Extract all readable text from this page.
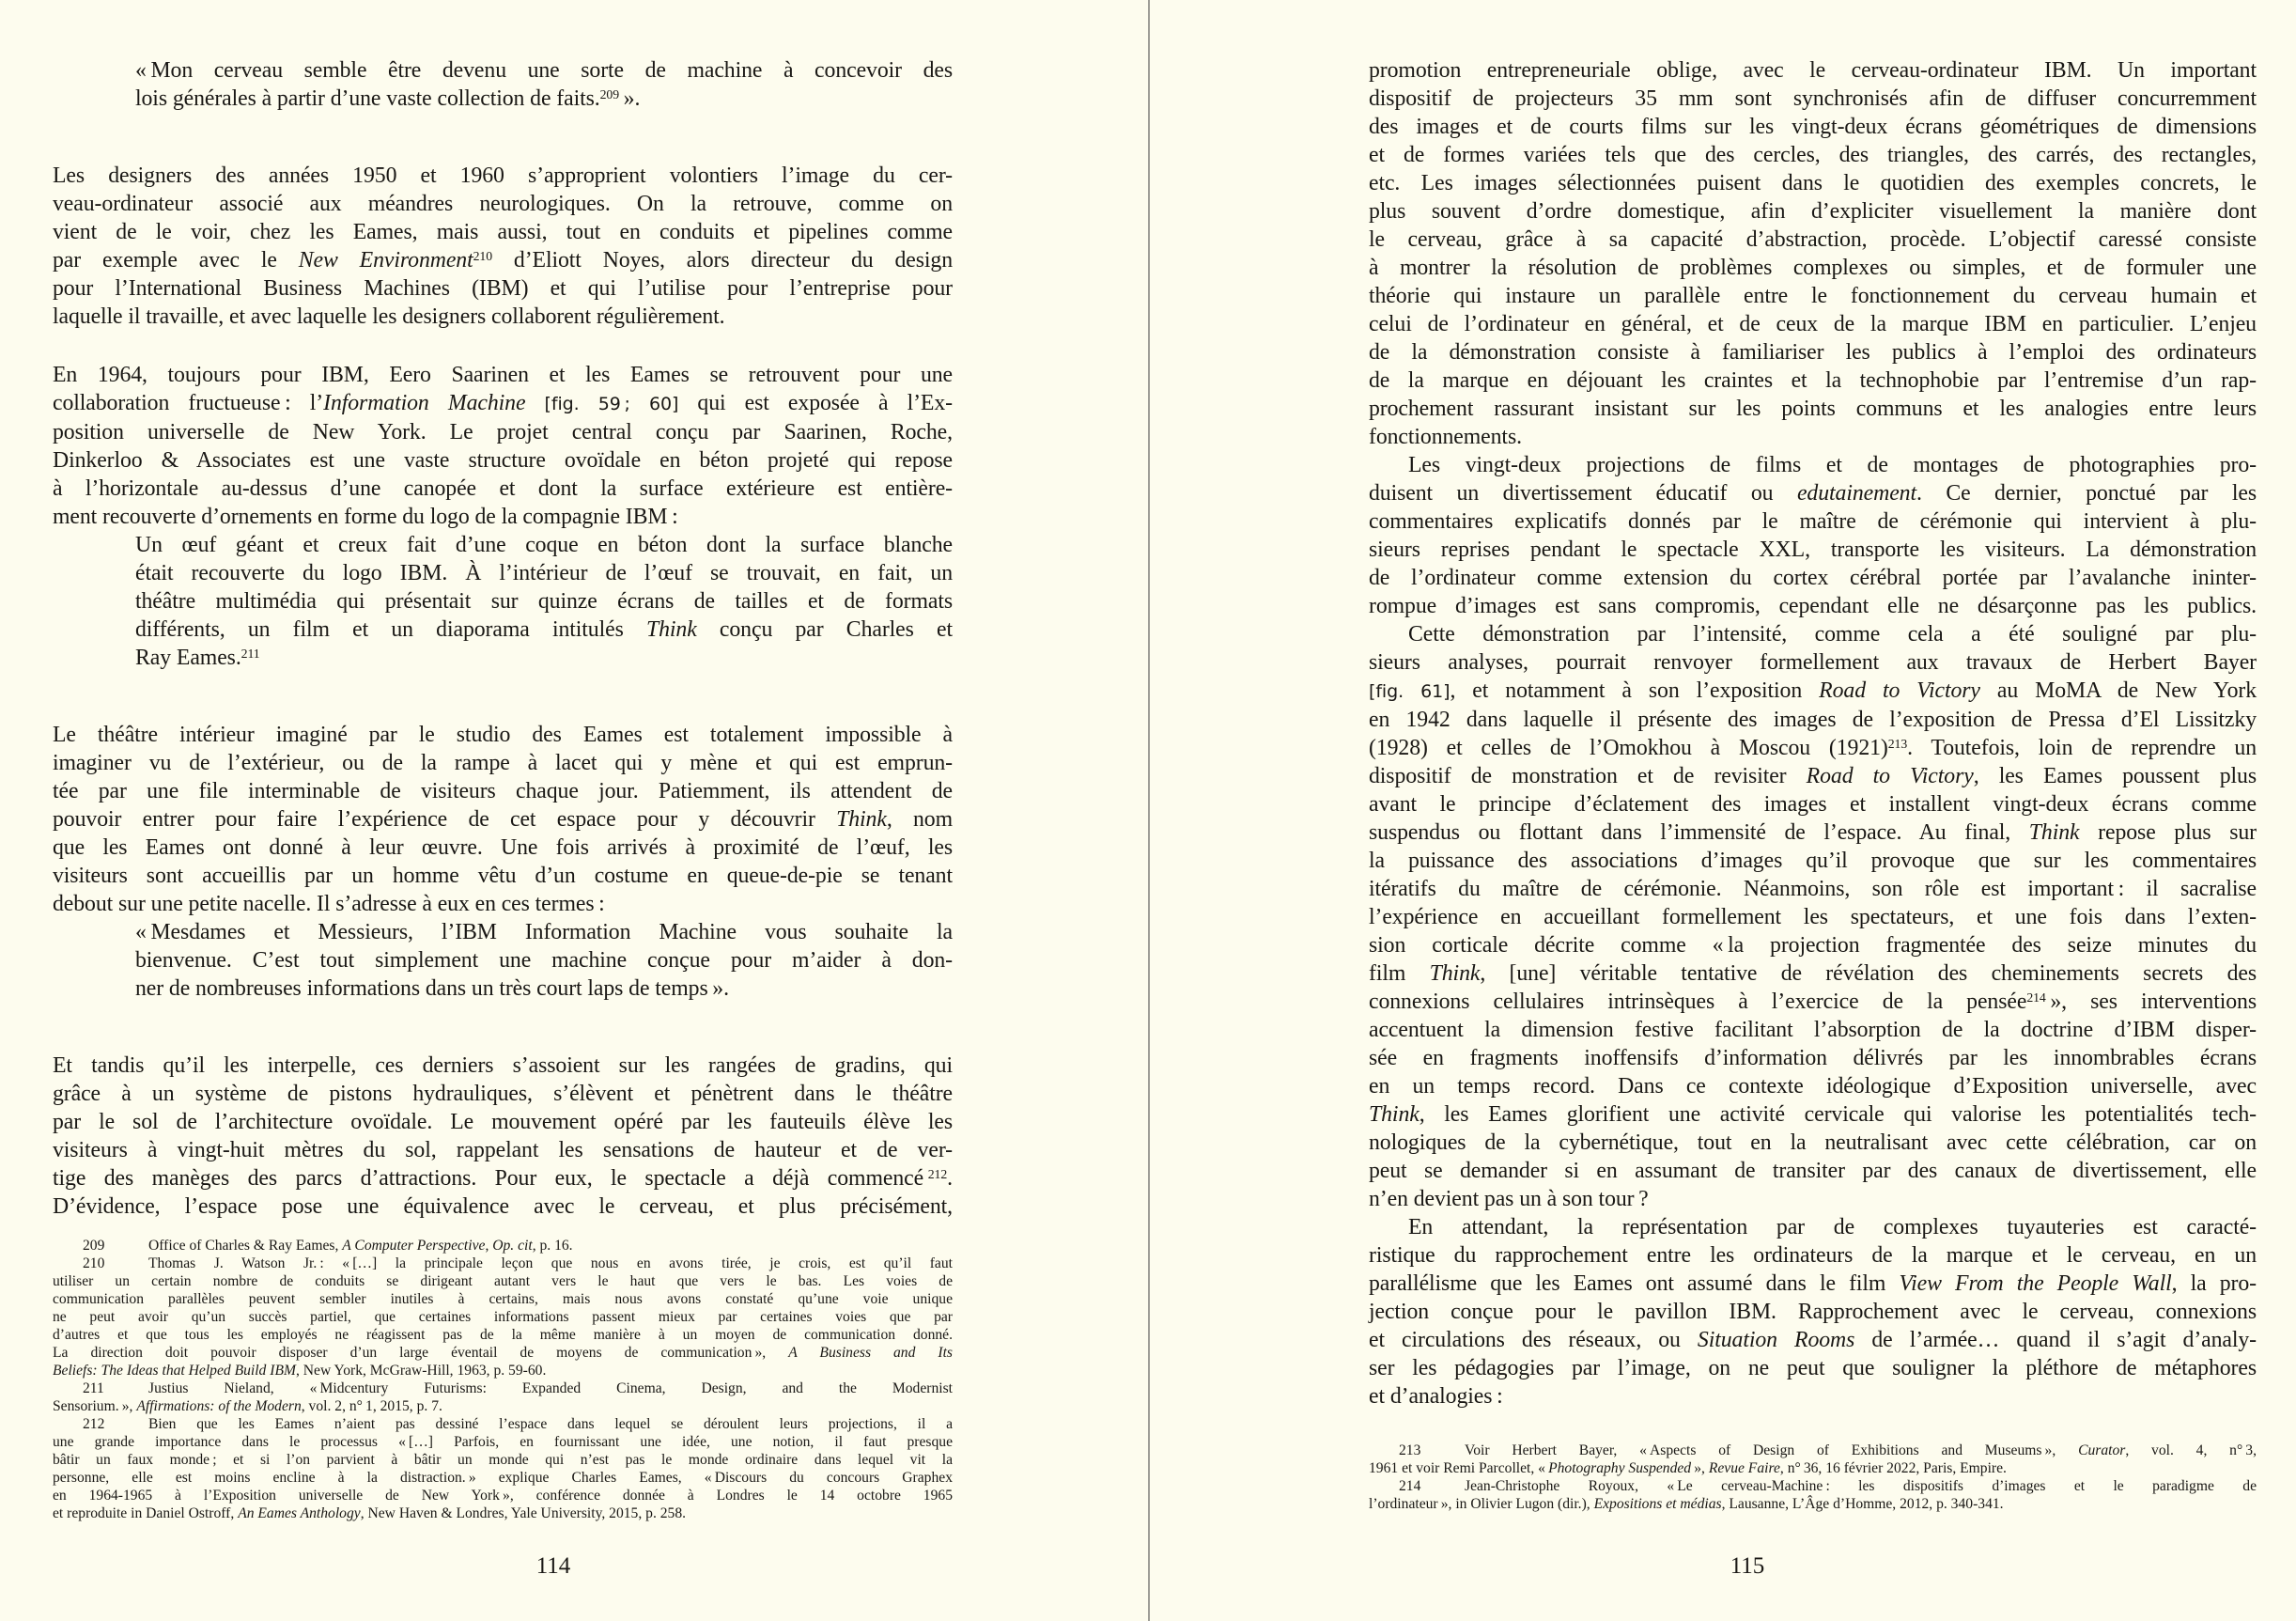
« Mon cerveau semble être devenu une sorte de machine à concevoir des
lois générales à partir d’une vaste collection de faits.$^{209}$ ».
Les designers des années 1950 et 1960 s’approprient volontiers l’image du cer-
veau-ordinateur associé aux méandres neurologiques. On la retrouve, comme on
vient de le voir, chez les Eames, mais aussi, tout en conduits et pipelines comme
par exemple avec le New Environment$^{210}$ d’Eliott Noyes, alors directeur du design
pour l’International Business Machines (IBM) et qui l’utilise pour l’entreprise pour
laquelle il travaille, et avec laquelle les designers collaborent régulièrement.
En 1964, toujours pour IBM, Eero Saarinen et les Eames se retrouvent pour une
collaboration fructueuse : l’Information Machine [fig. 59 ; 60] qui est exposée à l’Ex-
position universelle de New York. Le projet central conçu par Saarinen, Roche,
Dinkerloo & Associates est une vaste structure ovoïdale en béton projeté qui repose
à l’horizontale au-dessus d’une canopée et dont la surface extérieure est entière-
ment recouverte d’ornements en forme du logo de la compagnie IBM :
Un œuf géant et creux fait d’une coque en béton dont la surface blanche
était recouverte du logo IBM. À l’intérieur de l’œuf se trouvait, en fait, un
théâtre multimédia qui présentait sur quinze écrans de tailles et de formats
différents, un film et un diaporama intitulés Think conçu par Charles et
Ray Eames.$^{211}$
Le théâtre intérieur imaginé par le studio des Eames est totalement impossible à
imaginer vu de l’extérieur, ou de la rampe à lacet qui y mène et qui est emprun-
tée par une file interminable de visiteurs chaque jour. Patiemment, ils attendent de
pouvoir entrer pour faire l’expérience de cet espace pour y découvrir Think, nom
que les Eames ont donné à leur œuvre. Une fois arrivés à proximité de l’œuf, les
visiteurs sont accueillis par un homme vêtu d’un costume en queue-de-pie se tenant
debout sur une petite nacelle. Il s’adresse à eux en ces termes :
« Mesdames et Messieurs, l’IBM Information Machine vous souhaite la
bienvenue. C’est tout simplement une machine conçue pour m’aider à don-
ner de nombreuses informations dans un très court laps de temps ».
Et tandis qu’il les interpelle, ces derniers s’assoient sur les rangées de gradins, qui
grâce à un système de pistons hydrauliques, s’élèvent et pénètrent dans le théâtre
par le sol de l’architecture ovoïdale. Le mouvement opéré par les fauteuils élève les
visiteurs à vingt-huit mètres du sol, rappelant les sensations de hauteur et de ver-
tige des manèges des parcs d’attractions. Pour eux, le spectacle a déjà commencé $^{212}$.
D’évidence, l’espace pose une équivalence avec le cerveau, et plus précisément,
209	Office of Charles & Ray Eames, A Computer Perspective, Op. cit, p. 16.
210	Thomas J. Watson Jr. : « […] la principale leçon que nous en avons tirée, je crois, est qu’il faut
utiliser un certain nombre de conduits se dirigeant autant vers le haut que vers le bas. Les voies de
communication parallèles peuvent sembler inutiles à certains, mais nous avons constaté qu’une voie unique
ne peut avoir qu’un succès partiel, que certaines informations passent mieux par certaines voies que par
d’autres et que tous les employés ne réagissent pas de la même manière à un moyen de communication donné.
La direction doit pouvoir disposer d’un large éventail de moyens de communication », A Business and Its
Beliefs: The Ideas that Helped Build IBM, New York, McGraw-Hill, 1963, p. 59-60.
211	Justius Nieland, « Midcentury Futurisms: Expanded Cinema, Design, and the Modernist
Sensorium. », Affirmations: of the Modern, vol. 2, n° 1, 2015, p. 7.
212	Bien que les Eames n’aient pas dessiné l’espace dans lequel se déroulent leurs projections, il a
une grande importance dans le processus « […] Parfois, en fournissant une idée, une notion, il faut presque
bâtir un faux monde ; et si l’on parvient à bâtir un monde qui n’est pas le monde ordinaire dans lequel vit la
personne, elle est moins encline à la distraction. » explique Charles Eames, « Discours du concours Graphex
en 1964-1965 à l’Exposition universelle de New York », conférence donnée à Londres le 14 octobre 1965
et reproduite in Daniel Ostroff, An Eames Anthology, New Haven & Londres, Yale University, 2015, p. 258.
promotion entrepreneuriale oblige, avec le cerveau-ordinateur IBM. Un important
dispositif de projecteurs 35 mm sont synchronisés afin de diffuser concurremment
des images et de courts films sur les vingt-deux écrans géométriques de dimensions
et de formes variées tels que des cercles, des triangles, des carrés, des rectangles,
etc. Les images sélectionnées puisent dans le quotidien des exemples concrets, le
plus souvent d’ordre domestique, afin d’expliciter visuellement la manière dont
le cerveau, grâce à sa capacité d’abstraction, procède. L’objectif caressé consiste
à montrer la résolution de problèmes complexes ou simples, et de formuler une
théorie qui instaure un parallèle entre le fonctionnement du cerveau humain et
celui de l’ordinateur en général, et de ceux de la marque IBM en particulier. L’enjeu
de la démonstration consiste à familiariser les publics à l’emploi des ordinateurs
de la marque en déjouant les craintes et la technophobie par l’entremise d’un rap-
prochement rassurant insistant sur les points communs et les analogies entre leurs
fonctionnements.
Les vingt-deux projections de films et de montages de photographies pro-
duisent un divertissement éducatif ou edutainement. Ce dernier, ponctué par les
commentaires explicatifs donnés par le maître de cérémonie qui intervient à plu-
sieurs reprises pendant le spectacle XXL, transporte les visiteurs. La démonstration
de l’ordinateur comme extension du cortex cérébral portée par l’avalanche ininter-
rompue d’images est sans compromis, cependant elle ne désarçonne pas les publics.
Cette démonstration par l’intensité, comme cela a été souligné par plu-
sieurs analyses, pourrait renvoyer formellement aux travaux de Herbert Bayer
[fig. 61], et notamment à son l’exposition Road to Victory au MoMA de New York
en 1942 dans laquelle il présente des images de l’exposition de Pressa d’El Lissitzky
(1928) et celles de l’Omokhou à Moscou $(1921)^{213}$. Toutefois, loin de reprendre un
dispositif de monstration et de revisiter Road to Victory, les Eames poussent plus
avant le principe d’éclatement des images et installent vingt-deux écrans comme
suspendus ou flottant dans l’immensité de l’espace. Au final, Think repose plus sur
la puissance des associations d’images qu’il provoque que sur les commentaires
itératifs du maître de cérémonie. Néanmoins, son rôle est important : il sacralise
l’expérience en accueillant formellement les spectateurs, et une fois dans l’exten-
sion corticale décrite comme « la projection fragmentée des seize minutes du
film Think, [une] véritable tentative de révélation des cheminements secrets des
connexions cellulaires intrinsèques à l’exercice de la pensée$^{214}$ », ses interventions
accentuent la dimension festive facilitant l’absorption de la doctrine d’IBM disper-
sée en fragments inoffensifs d’information délivrés par les innombrables écrans
en un temps record. Dans ce contexte idéologique d’Exposition universelle, avec
Think, les Eames glorifient une activité cervicale qui valorise les potentialités tech-
nologiques de la cybernétique, tout en la neutralisant avec cette célébration, car on
peut se demander si en assumant de transiter par des canaux de divertissement, elle
n’en devient pas un à son tour ?
En attendant, la représentation par de complexes tuyauteries est caracté-
ristique du rapprochement entre les ordinateurs de la marque et le cerveau, en un
parallélisme que les Eames ont assumé dans le film View From the People Wall, la pro-
jection conçue pour le pavillon IBM. Rapprochement avec le cerveau, connexions
et circulations des réseaux, ou Situation Rooms de l’armée… quand il s’agit d’analy-
ser les pédagogies par l’image, on ne peut que souligner la pléthore de métaphores
et d’analogies :
213	Voir Herbert Bayer, « Aspects of Design of Exhibitions and Museums », Curator, vol. 4, n° 3,
1961 et voir Remi Parcollet, « Photography Suspended », Revue Faire, n° 36, 16 février 2022, Paris, Empire.
214	Jean-Christophe Royoux, « Le cerveau-Machine : les dispositifs d’images et le paradigme de
l’ordinateur », in Olivier Lugon (dir.), Expositions et médias, Lausanne, L’Âge d’Homme, 2012, p. 340-341.
114	115
